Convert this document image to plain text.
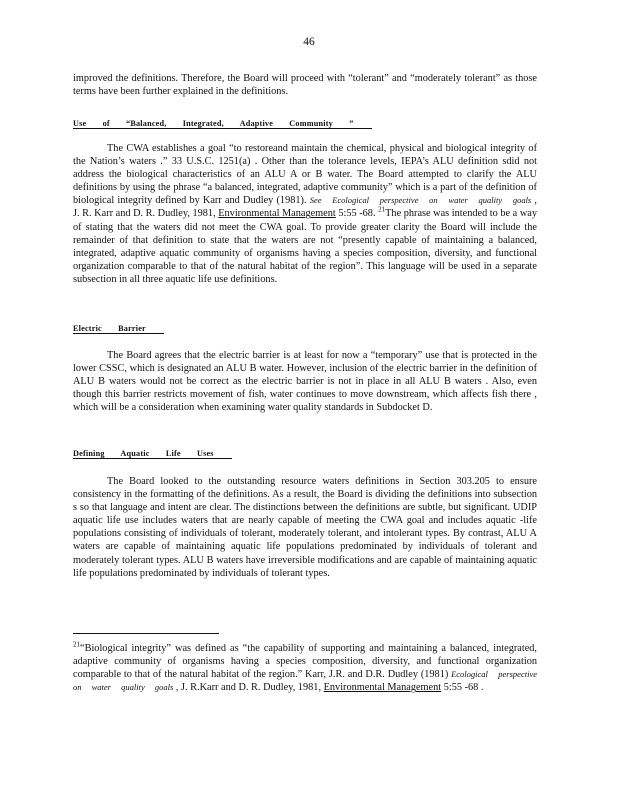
46

improved the definitions. Therefore, the Board will proceed with “tolerant” and “moderately tolerant” as those terms have been further explained in the definitions.

Use of “Balanced, Integrated, Adaptive Community ”

The CWA establishes a goal “to restoreand maintain the chemical, physical and biological integrity of the Nation’s waters .” 33 U.S.C. 1251(a) . Other than the tolerance levels, IEPA’s ALU definition sdid not address the biological characteristics of an ALU A or B water. The Board attempted to clarify the ALU definitions by using the phrase “a balanced, integrated, adaptive community” which is a part of the definition of biological integrity defined by Karr and Dudley (1981). See Ecological perspective on water quality goals , J. R. Karr and D. R. Dudley, 1981, Environmental Management 5:55 -68. $^{21}$The phrase was intended to be a way of stating that the waters did not meet the CWA goal. To provide greater clarity the Board will include the remainder of that definition to state that the waters are not “presently capable of maintaining a balanced, integrated, adaptive aquatic community of organisms having a species composition, diversity, and functional organization comparable to that of the natural habitat of the region”. This language will be used in a separate subsection in all three aquatic life use definitions.

Electric Barrier

The Board agrees that the electric barrier is at least for now a “temporary” use that is protected in the lower CSSC, which is designated an ALU B water. However, inclusion of the electric barrier in the definition of ALU B waters would not be correct as the electric barrier is not in place in all ALU B waters . Also, even though this barrier restricts movement of fish, water continues to move downstream, which affects fish there , which will be a consideration when examining water quality standards in Subdocket D.

Defining Aquatic Life Uses

The Board looked to the outstanding resource waters definitions in Section 303.205 to ensure consistency in the formatting of the definitions. As a result, the Board is dividing the definitions into subsection s so that language and intent are clear. The distinctions between the definitions are subtle, but significant. UDIP aquatic life use includes waters that are nearly capable of meeting the CWA goal and includes aquatic -life populations consisting of individuals of tolerant, moderately tolerant, and intolerant types. By contrast, ALU A waters are capable of maintaining aquatic life populations predominated by individuals of tolerant and moderately tolerant types. ALU B waters have irreversible modifications and are capable of maintaining aquatic life populations predominated by individuals of tolerant types.

$^{21}$“Biological integrity” was defined as “the capability of supporting and maintaining a balanced, integrated, adaptive community of organisms having a species composition, diversity, and functional organization comparable to that of the natural habitat of the region.” Karr, J.R. and D.R. Dudley (1981) Ecological perspective on water quality goals , J. R.Karr and D. R. Dudley, 1981, Environmental Management 5:55 -68 .
